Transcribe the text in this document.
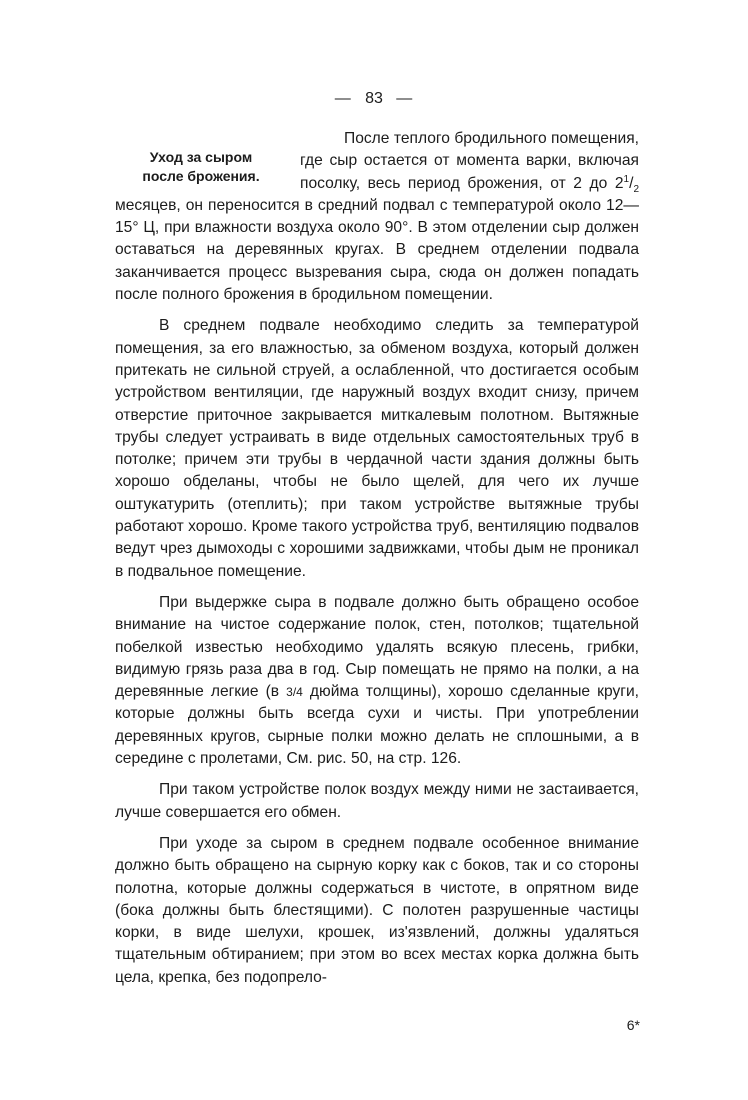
— 83 —
Уход за сыром
после брожения.

После теплого бродильного помещения, где сыр остается от момента варки, включая посолку, весь период брожения, от 2 до $2^1/_2$ месяцев, он переносится в средний подвал с температурой около 12—15° Ц, при влажности воздуха около 90°. В этом отделении сыр должен оставаться на деревянных кругах. В среднем отделении подвала заканчивается процесс вызревания сыра, сюда он должен попадать после полного брожения в бродильном помещении.

В среднем подвале необходимо следить за температурой помещения, за его влажностью, за обменом воздуха, который должен притекать не сильной струей, а ослабленной, что достигается особым устройством вентиляции, где наружный воздух входит снизу, причем отверстие приточное закрывается миткалевым полотном. Вытяжные трубы следует устраивать в виде отдельных самостоятельных труб в потолке; причем эти трубы в чердачной части здания должны быть хорошо обделаны, чтобы не было щелей, для чего их лучше оштукатурить (отеплить); при таком устройстве вытяжные трубы работают хорошо. Кроме такого устройства труб, вентиляцию подвалов ведут чрез дымоходы с хорошими задвижками, чтобы дым не проникал в подвальное помещение.

При выдержке сыра в подвале должно быть обращено особое внимание на чистое содержание полок, стен, потолков; тщательной побелкой известью необходимо удалять всякую плесень, грибки, видимую грязь раза два в год. Сыр помещать не прямо на полки, а на деревянные легкие (в 3/4 дюйма толщины), хорошо сделанные круги, которые должны быть всегда сухи и чисты. При употреблении деревянных кругов, сырные полки можно делать не сплошными, а в середине с пролетами, См. рис. 50, на стр. 126.

При таком устройстве полок воздух между ними не застаивается, лучше совершается его обмен.

При уходе за сыром в среднем подвале особенное внимание должно быть обращено на сырную корку как с боков, так и со стороны полотна, которые должны содержаться в чистоте, в опрятном виде (бока должны быть блестящими). С полотен разрушенные частицы корки, в виде шелухи, крошек, из'язвлений, должны удаляться тщательным обтиранием; при этом во всех местах корка должна быть цела, крепка, без подопрело-

6*
